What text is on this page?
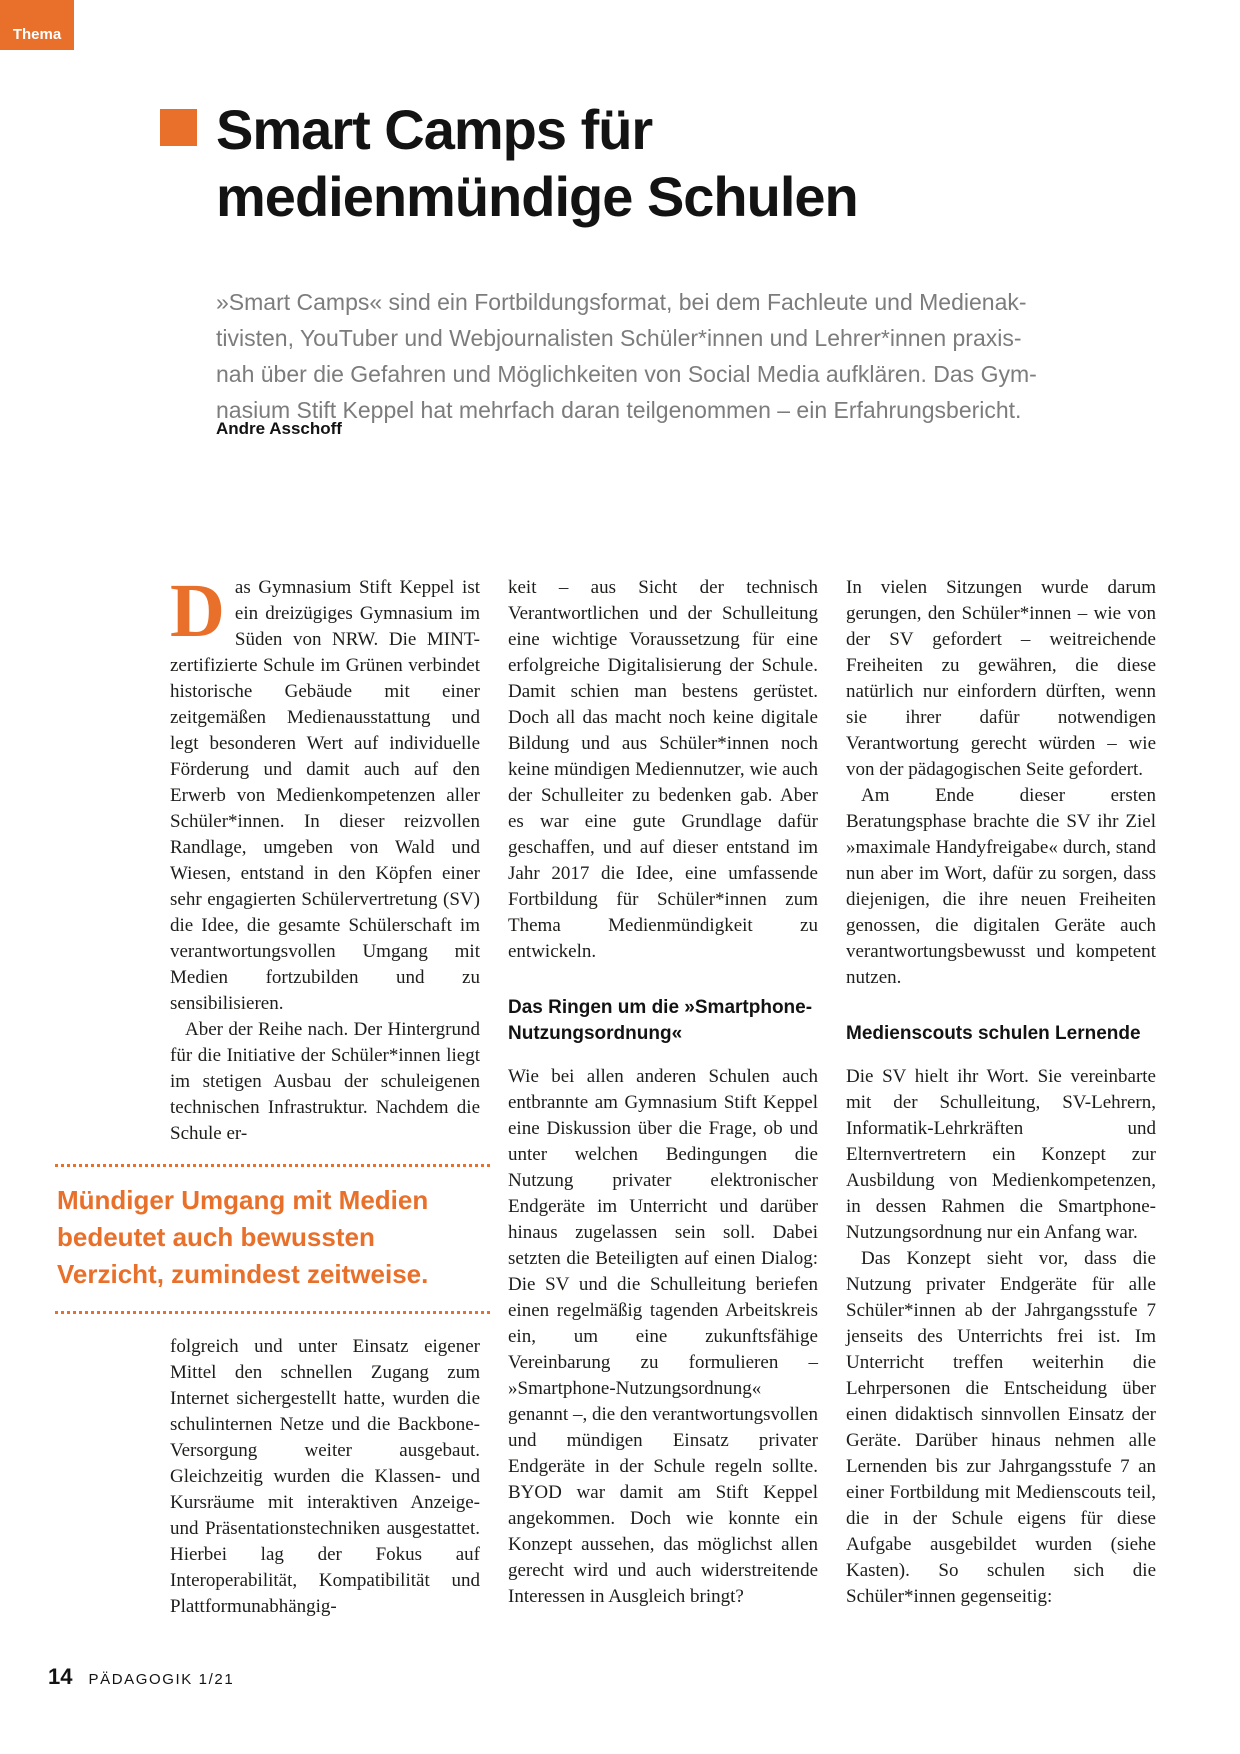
Thema
Smart Camps für
medienmündige Schulen
»Smart Camps« sind ein Fortbildungsformat, bei dem Fachleute und Medienak-
tivisten, YouTuber und Webjournalisten Schüler*innen und Lehrer*innen praxis-
nah über die Gefahren und Möglichkeiten von Social Media aufklären. Das Gym-
nasium Stift Keppel hat mehrfach daran teilgenommen – ein Erfahrungsbericht.
Andre Asschoff

Das Gymnasium Stift Keppel ist ein dreizügiges Gymnasium im Süden von NRW. Die MINT-zertifizierte Schule im Grünen verbindet historische Gebäude mit einer zeitgemäßen Medienausstattung und legt besonderen Wert auf individuelle Förderung und damit auch auf den Erwerb von Medienkompetenzen aller Schüler*innen. In dieser reizvollen Randlage, umgeben von Wald und Wiesen, entstand in den Köpfen einer sehr engagierten Schülervertretung (SV) die Idee, die gesamte Schülerschaft im verantwortungsvollen Umgang mit Medien fortzubilden und zu sensibilisieren.

Aber der Reihe nach. Der Hintergrund für die Initiative der Schüler*innen liegt im stetigen Ausbau der schuleigenen technischen Infrastruktur. Nachdem die Schule er-

Mündiger Umgang mit Medien
bedeutet auch bewussten
Verzicht, zumindest zeitweise.

folgreich und unter Einsatz eigener Mittel den schnellen Zugang zum Internet sichergestellt hatte, wurden die schulinternen Netze und die Backbone-Versorgung weiter ausgebaut. Gleichzeitig wurden die Klassen- und Kursräume mit interaktiven Anzeige- und Präsentationstechniken ausgestattet. Hierbei lag der Fokus auf Interoperabilität, Kompatibilität und Plattformunabhängig-

keit – aus Sicht der technisch Verantwortlichen und der Schulleitung eine wichtige Voraussetzung für eine erfolgreiche Digitalisierung der Schule. Damit schien man bestens gerüstet. Doch all das macht noch keine digitale Bildung und aus Schüler*innen noch keine mündigen Mediennutzer, wie auch der Schulleiter zu bedenken gab. Aber es war eine gute Grundlage dafür geschaffen, und auf dieser entstand im Jahr 2017 die Idee, eine umfassende Fortbildung für Schüler*innen zum Thema Medienmündigkeit zu entwickeln.

Das Ringen um die »Smartphone-Nutzungsordnung«

Wie bei allen anderen Schulen auch entbrannte am Gymnasium Stift Keppel eine Diskussion über die Frage, ob und unter welchen Bedingungen die Nutzung privater elektronischer Endgeräte im Unterricht und darüber hinaus zugelassen sein soll. Dabei setzten die Beteiligten auf einen Dialog: Die SV und die Schulleitung beriefen einen regelmäßig tagenden Arbeitskreis ein, um eine zukunftsfähige Vereinbarung zu formulieren – »Smartphone-Nutzungsordnung« genannt –, die den verantwortungsvollen und mündigen Einsatz privater Endgeräte in der Schule regeln sollte. BYOD war damit am Stift Keppel angekommen. Doch wie konnte ein Konzept aussehen, das möglichst allen gerecht wird und auch widerstreitende Interessen in Ausgleich bringt?

In vielen Sitzungen wurde darum gerungen, den Schüler*innen – wie von der SV gefordert – weitreichende Freiheiten zu gewähren, die diese natürlich nur einfordern dürften, wenn sie ihrer dafür notwendigen Verantwortung gerecht würden – wie von der pädagogischen Seite gefordert.

Am Ende dieser ersten Beratungsphase brachte die SV ihr Ziel »maximale Handyfreigabe« durch, stand nun aber im Wort, dafür zu sorgen, dass diejenigen, die ihre neuen Freiheiten genossen, die digitalen Geräte auch verantwortungsbewusst und kompetent nutzen.

Medienscouts schulen Lernende

Die SV hielt ihr Wort. Sie vereinbarte mit der Schulleitung, SV-Lehrern, Informatik-Lehrkräften und Elternvertretern ein Konzept zur Ausbildung von Medienkompetenzen, in dessen Rahmen die Smartphone-Nutzungsordnung nur ein Anfang war.

Das Konzept sieht vor, dass die Nutzung privater Endgeräte für alle Schüler*innen ab der Jahrgangsstufe 7 jenseits des Unterrichts frei ist. Im Unterricht treffen weiterhin die Lehrpersonen die Entscheidung über einen didaktisch sinnvollen Einsatz der Geräte. Darüber hinaus nehmen alle Lernenden bis zur Jahrgangsstufe 7 an einer Fortbildung mit Medienscouts teil, die in der Schule eigens für diese Aufgabe ausgebildet wurden (siehe Kasten). So schulen sich die Schüler*innen gegenseitig:

14 PÄDAGOGIK 1/21
